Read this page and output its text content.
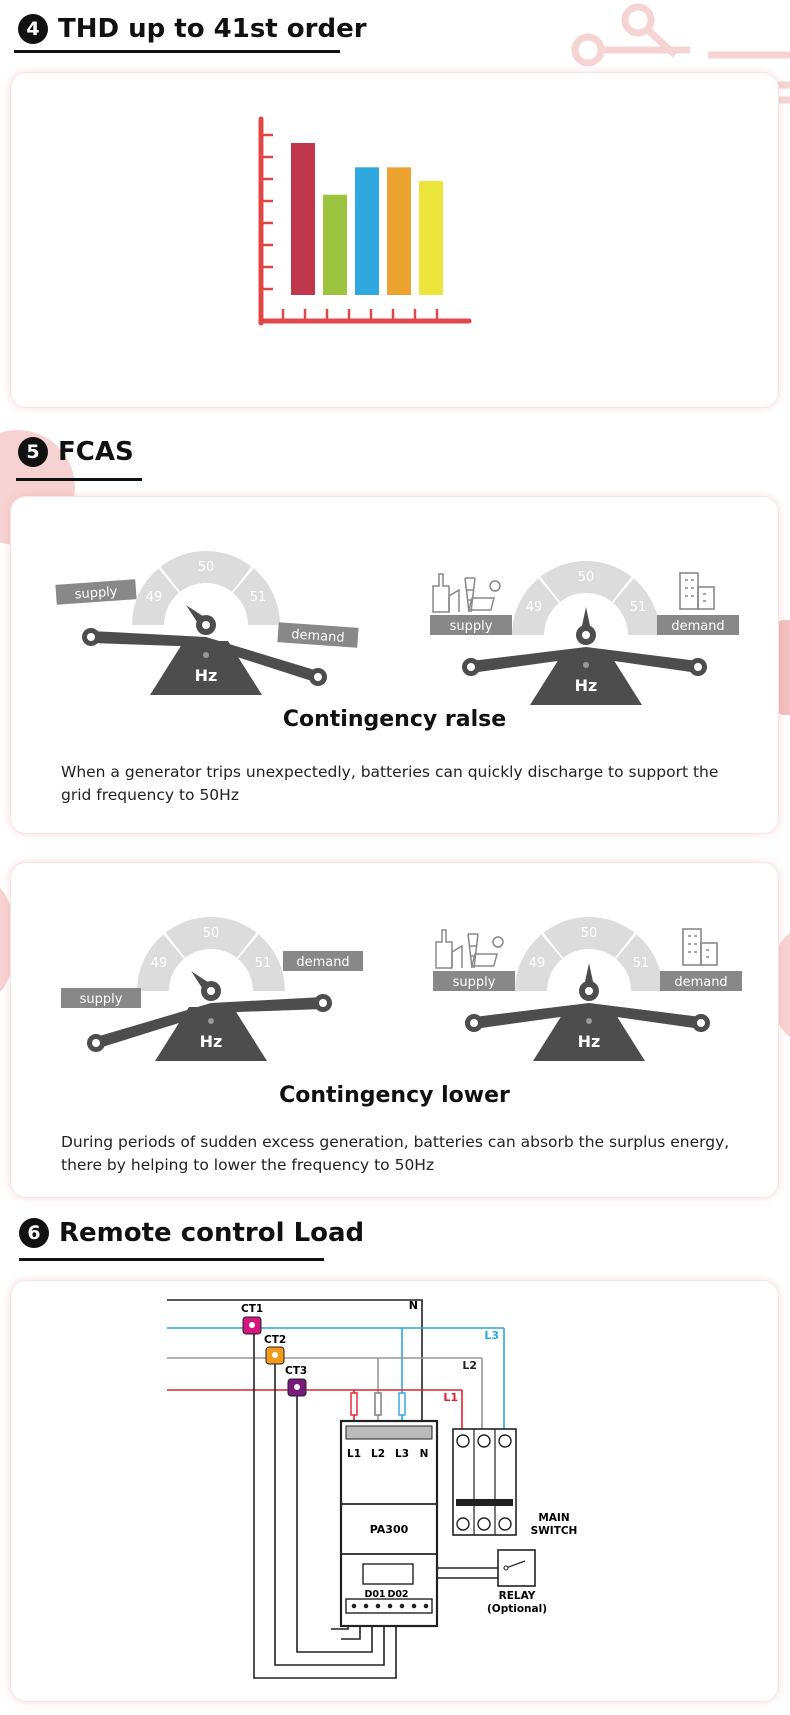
4 THD up to 41st order
5 FCAS
49
50
51
Hz
supply
demand
49
50
51
Hz
supply	demand
Contingency ralse
When a generator trips unexpectedly, batteries can quickly discharge to support the grid frequency to 50Hz
49
50
51
Hz
supply
demand	49
50
51
Hz
supply	demand
Contingency lower
During periods of sudden excess generation, batteries can absorb the surplus energy, there by helping to lower the frequency to 50Hz
6 Remote control Load
N
L3
L2
L1
CT1
CT2
CT3
L1 L2 L3 N
PA300
D01 D02
MAIN
SWITCH
RELAY
(Optional)
